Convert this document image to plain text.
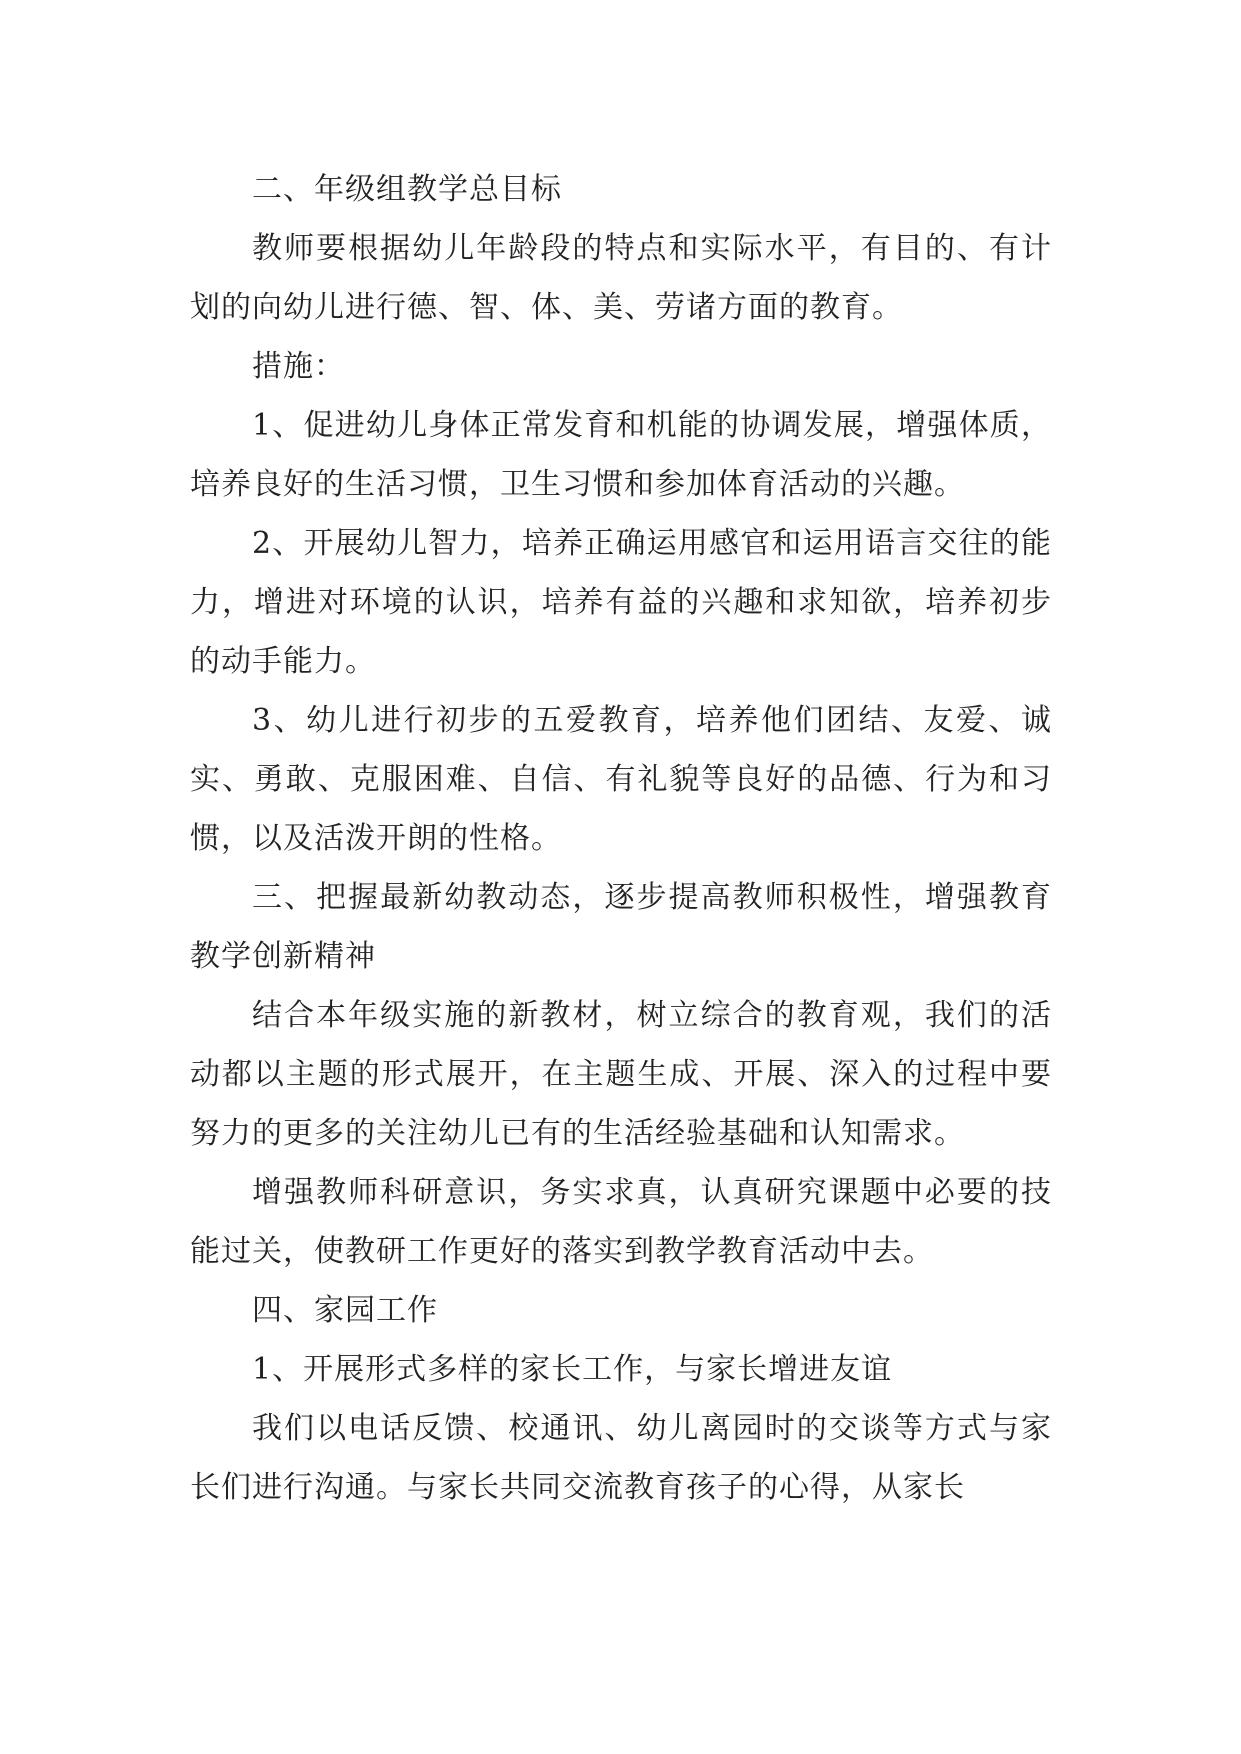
二、年级组教学总目标

教师要根据幼儿年龄段的特点和实际水平，有目的、有计划的向幼儿进行德、智、体、美、劳诸方面的教育。

措施：

1、促进幼儿身体正常发育和机能的协调发展，增强体质，培养良好的生活习惯，卫生习惯和参加体育活动的兴趣。

2、开展幼儿智力，培养正确运用感官和运用语言交往的能力，增进对环境的认识，培养有益的兴趣和求知欲，培养初步的动手能力。

3、幼儿进行初步的五爱教育，培养他们团结、友爱、诚实、勇敢、克服困难、自信、有礼貌等良好的品德、行为和习惯，以及活泼开朗的性格。

三、把握最新幼教动态，逐步提高教师积极性，增强教育教学创新精神

结合本年级实施的新教材，树立综合的教育观，我们的活动都以主题的形式展开，在主题生成、开展、深入的过程中要努力的更多的关注幼儿已有的生活经验基础和认知需求。

增强教师科研意识，务实求真，认真研究课题中必要的技能过关，使教研工作更好的落实到教学教育活动中去。

四、家园工作

1、开展形式多样的家长工作，与家长增进友谊

我们以电话反馈、校通讯、幼儿离园时的交谈等方式与家长们进行沟通。与家长共同交流教育孩子的心得，从家长
